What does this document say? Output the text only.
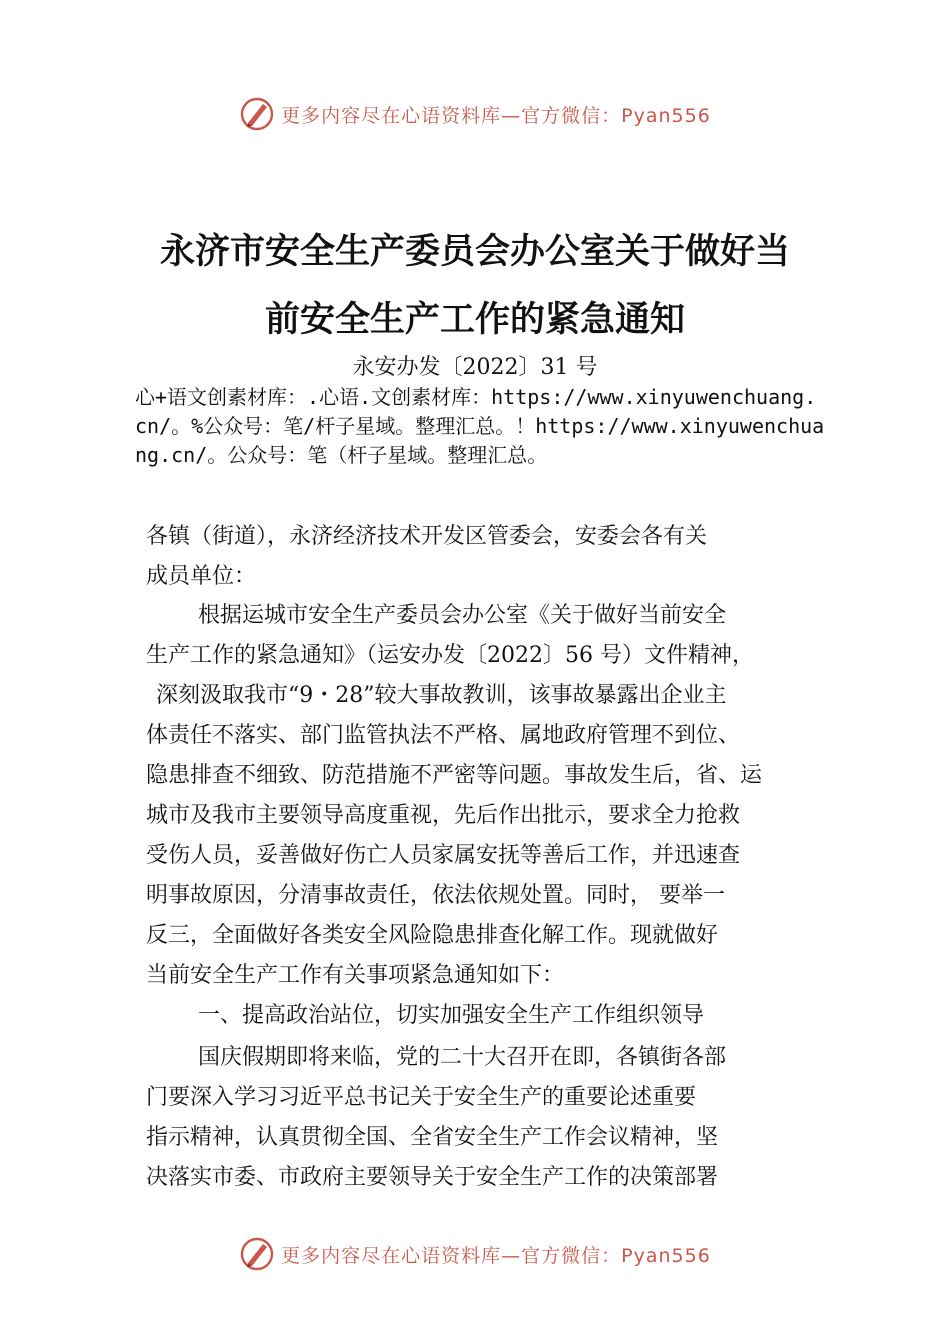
更多内容尽在心语资料库—官方微信：Pyan556
永济市安全生产委员会办公室关于做好当
前安全生产工作的紧急通知
永安办发〔2022〕31 号
心+语文创素材库：.心语.文创素材库：https://www.xinyuwenchuang.cn/。%公众号：笔/杆子星域。整理汇总。！https://www.xinyuwenchuang.cn/。公众号：笔（杆子星域。整理汇总。
各镇（街道），永济经济技术开发区管委会，安委会各有关
成员单位：
根据运城市安全生产委员会办公室《关于做好当前安全
生产工作的紧急通知》（运安办发〔2022〕56 号）文件精神，
深刻汲取我市“9・28”较大事故教训，该事故暴露出企业主
体责任不落实、部门监管执法不严格、属地政府管理不到位、
隐患排查不细致、防范措施不严密等问题。事故发生后，省、运
城市及我市主要领导高度重视，先后作出批示，要求全力抢救
受伤人员，妥善做好伤亡人员家属安抚等善后工作，并迅速查
明事故原因，分清事故责任，依法依规处置。同时， 要举一
反三，全面做好各类安全风险隐患排查化解工作。现就做好
当前安全生产工作有关事项紧急通知如下：
一、提高政治站位，切实加强安全生产工作组织领导
国庆假期即将来临，党的二十大召开在即，各镇街各部
门要深入学习习近平总书记关于安全生产的重要论述重要
指示精神，认真贯彻全国、全省安全生产工作会议精神，坚
决落实市委、市政府主要领导关于安全生产工作的决策部署
更多内容尽在心语资料库—官方微信：Pyan556
